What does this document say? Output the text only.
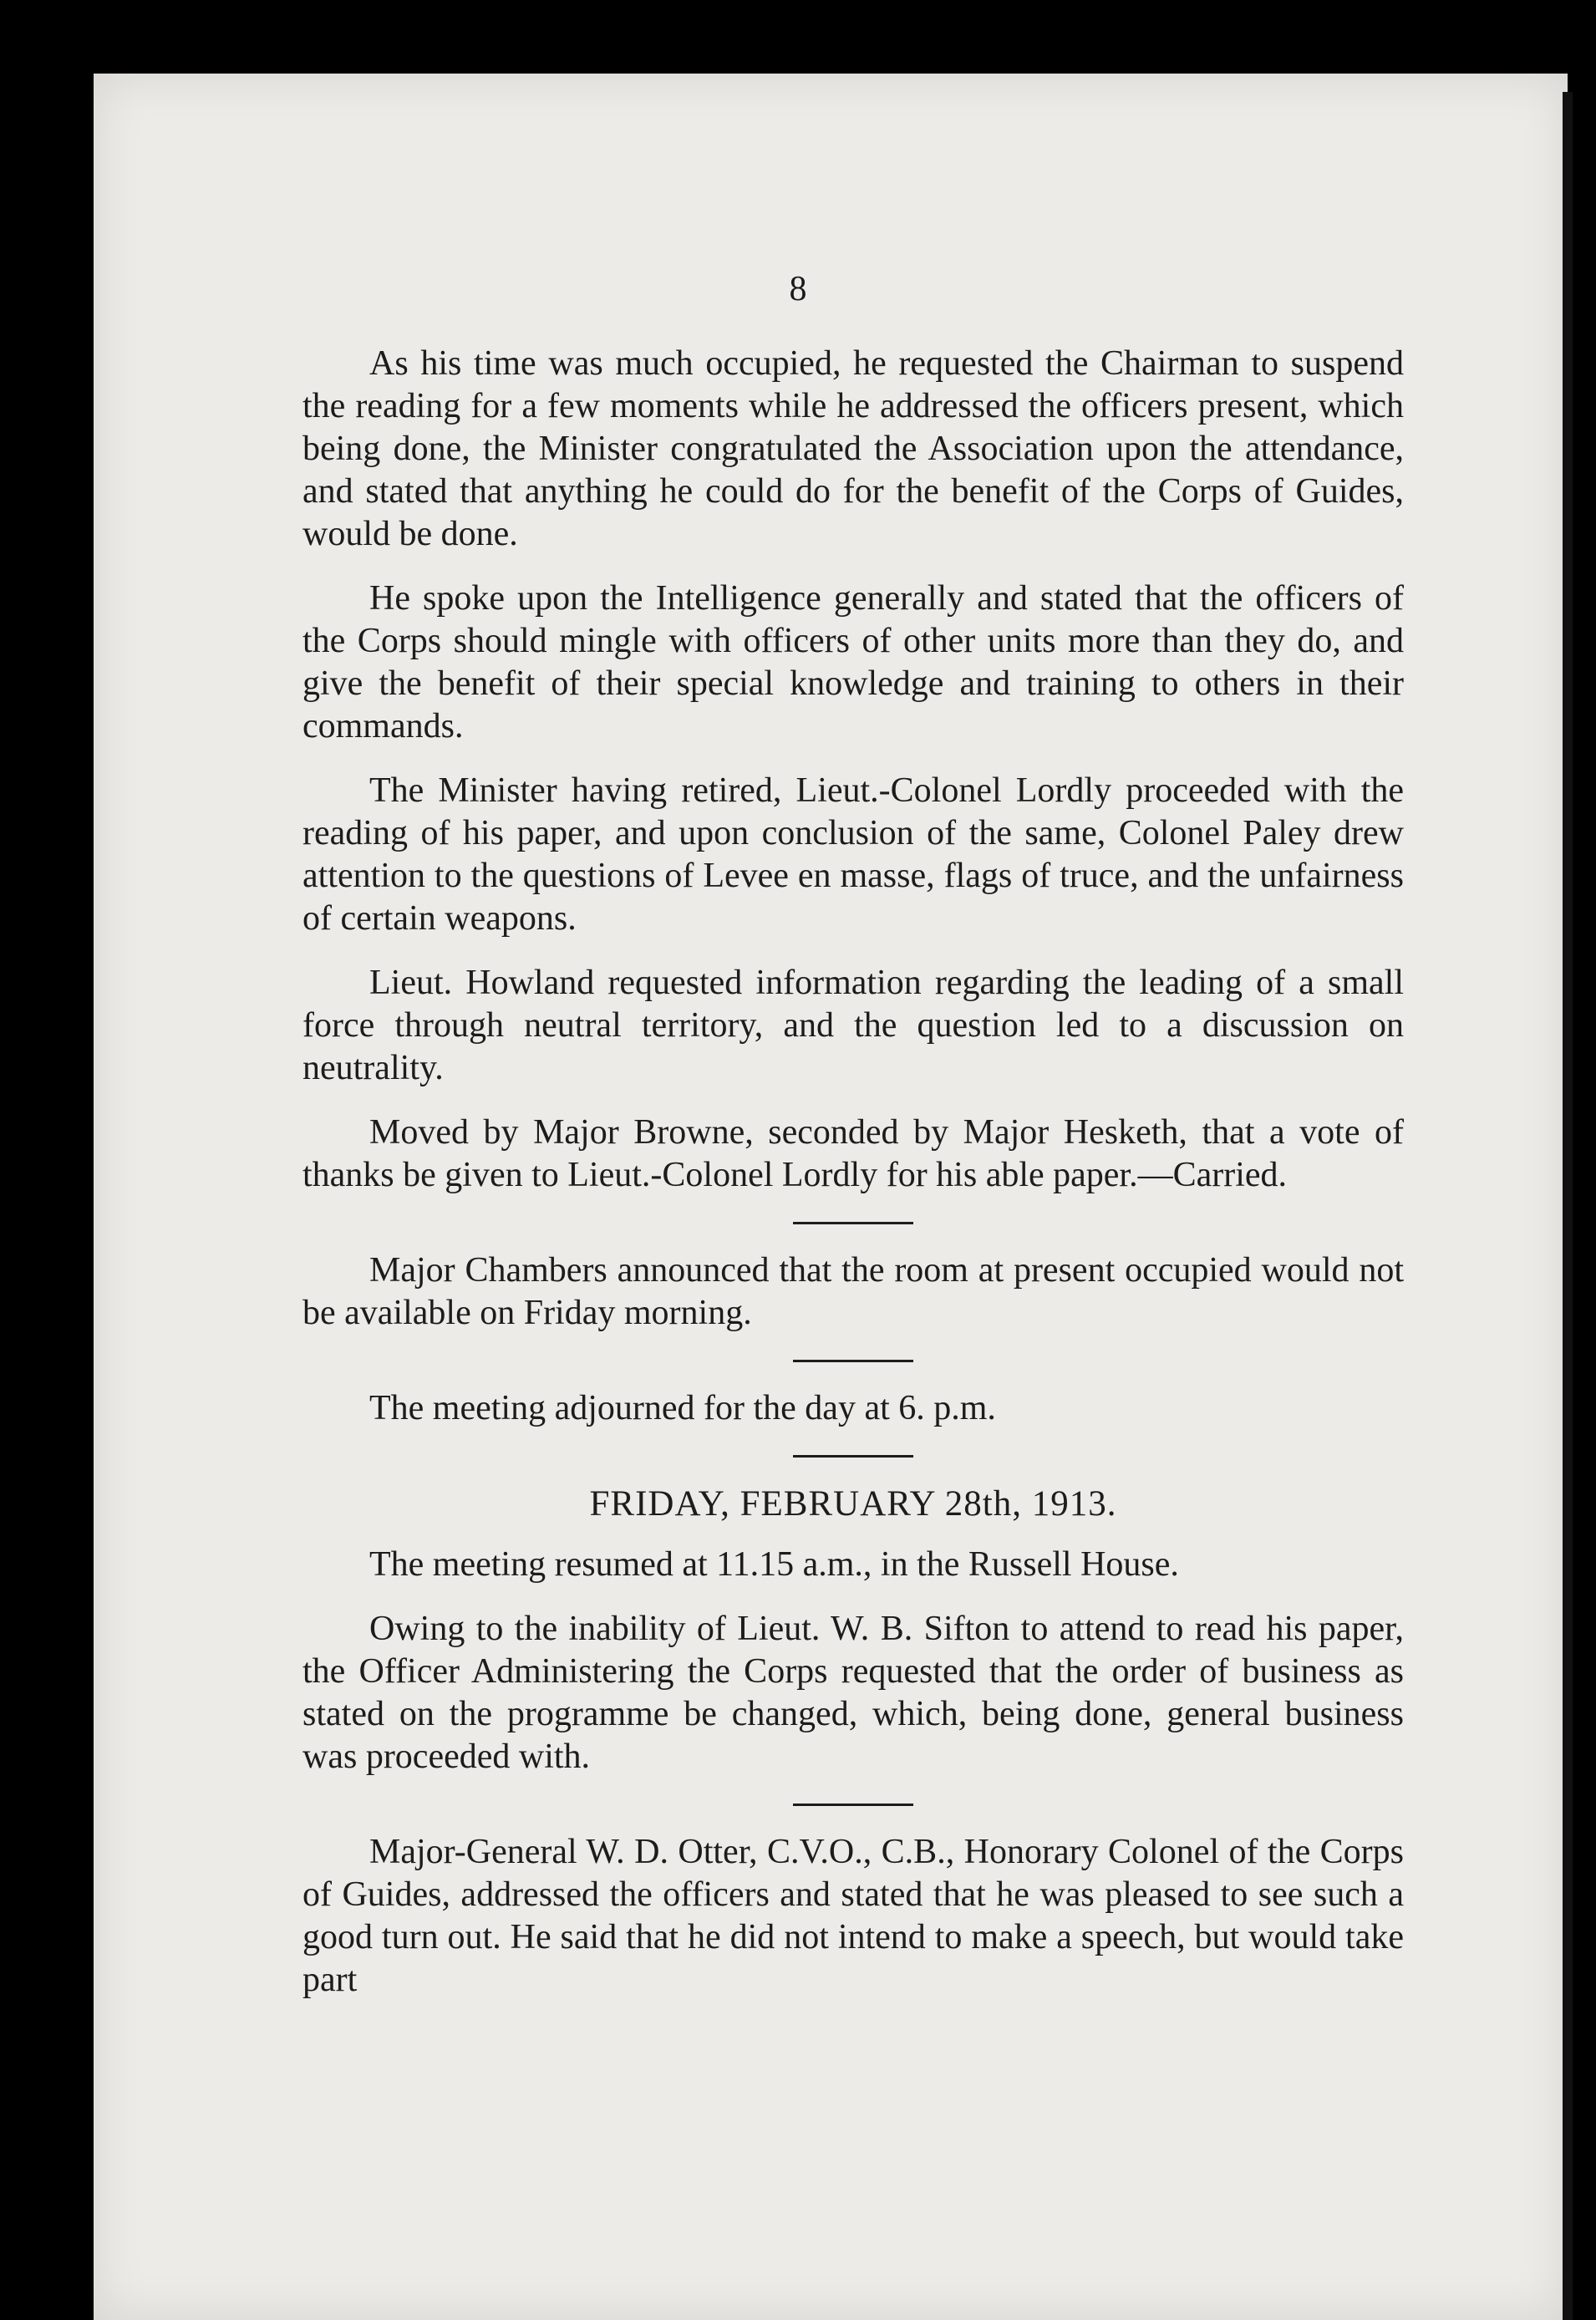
8

As his time was much occupied, he requested the Chairman to suspend the reading for a few moments while he addressed the officers present, which being done, the Minister congratulated the Association upon the attendance, and stated that anything he could do for the benefit of the Corps of Guides, would be done.

He spoke upon the Intelligence generally and stated that the officers of the Corps should mingle with officers of other units more than they do, and give the benefit of their special knowledge and training to others in their commands.

The Minister having retired, Lieut.-Colonel Lordly proceeded with the reading of his paper, and upon conclusion of the same, Colonel Paley drew attention to the questions of Levee en masse, flags of truce, and the unfairness of certain weapons.

Lieut. Howland requested information regarding the leading of a small force through neutral territory, and the question led to a discussion on neutrality.

Moved by Major Browne, seconded by Major Hesketh, that a vote of thanks be given to Lieut.-Colonel Lordly for his able paper.—Carried.

Major Chambers announced that the room at present occupied would not be available on Friday morning.

The meeting adjourned for the day at 6. p.m.

FRIDAY, FEBRUARY 28th, 1913.

The meeting resumed at 11.15 a.m., in the Russell House.

Owing to the inability of Lieut. W. B. Sifton to attend to read his paper, the Officer Administering the Corps requested that the order of business as stated on the programme be changed, which, being done, general business was proceeded with.

Major-General W. D. Otter, C.V.O., C.B., Honorary Colonel of the Corps of Guides, addressed the officers and stated that he was pleased to see such a good turn out. He said that he did not intend to make a speech, but would take part
